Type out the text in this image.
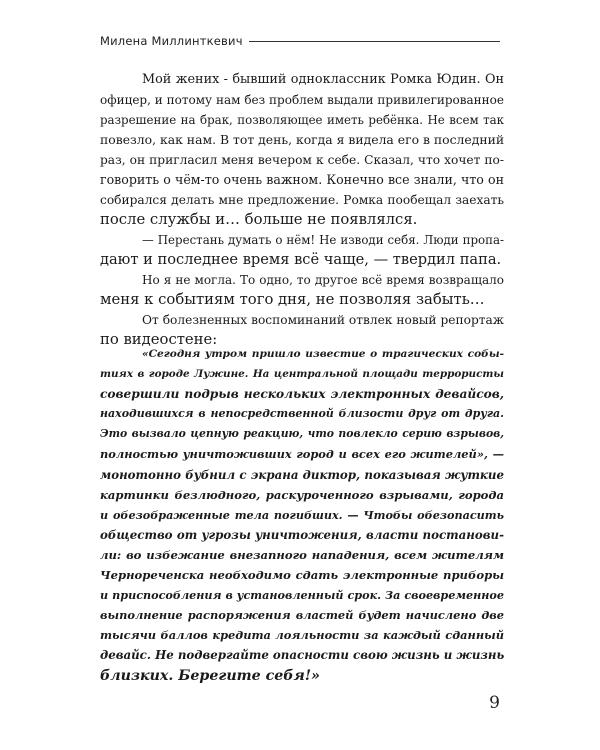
Милена Миллинткевич
Мой жених - бывший одноклассник Ромка Юдин. Он
офицер, и потому нам без проблем выдали привилегированное
разрешение на брак, позволяющее иметь ребёнка. Не всем так
повезло, как нам. В тот день, когда я видела его в последний
раз, он пригласил меня вечером к себе. Сказал, что хочет по-
говорить о чём-то очень важном. Конечно все знали, что он
собирался делать мне предложение. Ромка пообещал заехать
после службы и… больше не появлялся.
— Перестань думать о нём! Не изводи себя. Люди пропа-
дают и последнее время всё чаще, — твердил папа.
Но я не могла. То одно, то другое всё время возвращало
меня к событиям того дня, не позволяя забыть…
От болезненных воспоминаний отвлек новый репортаж
по видеостене:
«Сегодня утром пришло известие о трагических собы-
тиях в городе Лужине. На центральной площади террористы
совершили подрыв нескольких электронных девайсов,
находившихся в непосредственной близости друг от друга.
Это вызвало цепную реакцию, что повлекло серию взрывов,
полностью уничтоживших город и всех его жителей», —
монотонно бубнил с экрана диктор, показывая жуткие
картинки безлюдного, раскуроченного взрывами, города
и обезображенные тела погибших. — Чтобы обезопасить
общество от угрозы уничтожения, власти постанови-
ли: во избежание внезапного нападения, всем жителям
Чернореченска необходимо сдать электронные приборы
и приспособления в установленный срок. За своевременное
выполнение распоряжения властей будет начислено две
тысячи баллов кредита лояльности за каждый сданный
девайс. Не подвергайте опасности свою жизнь и жизнь
близких. Берегите себя!»
9
